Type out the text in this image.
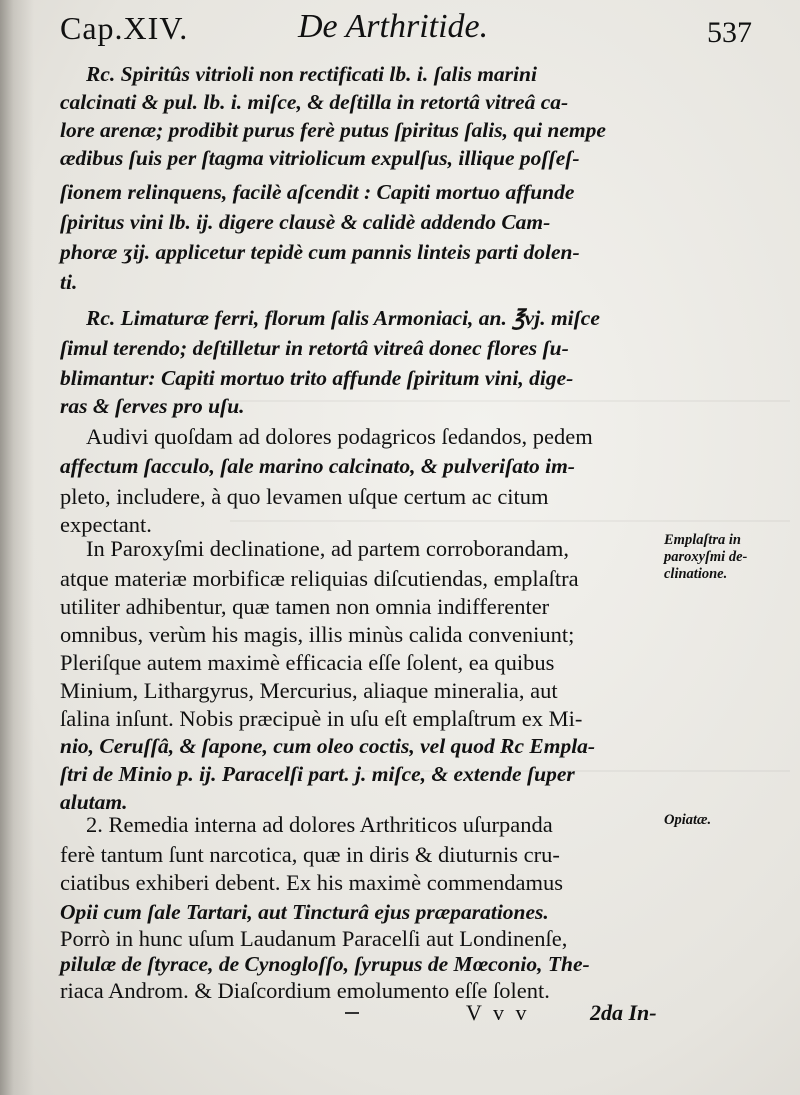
Cap.XIV.	De Arthritide.	537
Rc. Spiritûs vitrioli non rectificati lb. i. ſalis marini
calcinati & pul. lb. i. miſce, & deſtilla in retortâ vitreâ ca-
lore arenæ; prodibit purus ferè putus ſpiritus ſalis, qui nempe
ædibus ſuis per ſtagma vitriolicum expulſus, illique poſſeſ-
ſionem relinquens, facilè aſcendit : Capiti mortuo affunde
ſpiritus vini lb. ij. digere clausè & calidè addendo Cam-
phoræ ʒij. applicetur tepidè cum pannis linteis parti dolen-
ti.
Rc. Limaturæ ferri, florum ſalis Armoniaci, an. ℥vj. miſce
ſimul terendo; deſtilletur in retortâ vitreâ donec flores ſu-
blimantur: Capiti mortuo trito affunde ſpiritum vini, dige-
ras & ſerves pro uſu.
Audivi quoſdam ad dolores podagricos ſedandos, pedem
affectum ſacculo, ſale marino calcinato, & pulveriſato im-
pleto, includere, à quo levamen uſque certum ac citum
expectant.
In Paroxyſmi declinatione, ad partem corroborandam,
atque materiæ morbificæ reliquias diſcutiendas, emplaſtra
utiliter adhibentur, quæ tamen non omnia indifferenter
omnibus, verùm his magis, illis minùs calida conveniunt;
Pleriſque autem maximè efficacia eſſe ſolent, ea quibus
Minium, Lithargyrus, Mercurius, aliaque mineralia, aut
ſalina inſunt. Nobis præcipuè in uſu eſt emplaſtrum ex Mi-
nio, Ceruſſâ, & ſapone, cum oleo coctis, vel quod Rc Empla-
ſtri de Minio p. ij. Paracelſi part. j. miſce, & extende ſuper
alutam.
2. Remedia interna ad dolores Arthriticos uſurpanda
ferè tantum ſunt narcotica, quæ in diris & diuturnis cru-
ciatibus exhiberi debent. Ex his maximè commendamus
Opii cum ſale Tartari, aut Tincturâ ejus præparationes.
Porrò in hunc uſum Laudanum Paracelſi aut Londinenſe,
pilulæ de ſtyrace, de Cynogloſſo, ſyrupus de Mœconio, The-
riaca Androm. & Diaſcordium emolumento eſſe ſolent.
Emplaſtra in
paroxyſmi de-
clinatione.
Opiatæ.
V v v	2da In-
